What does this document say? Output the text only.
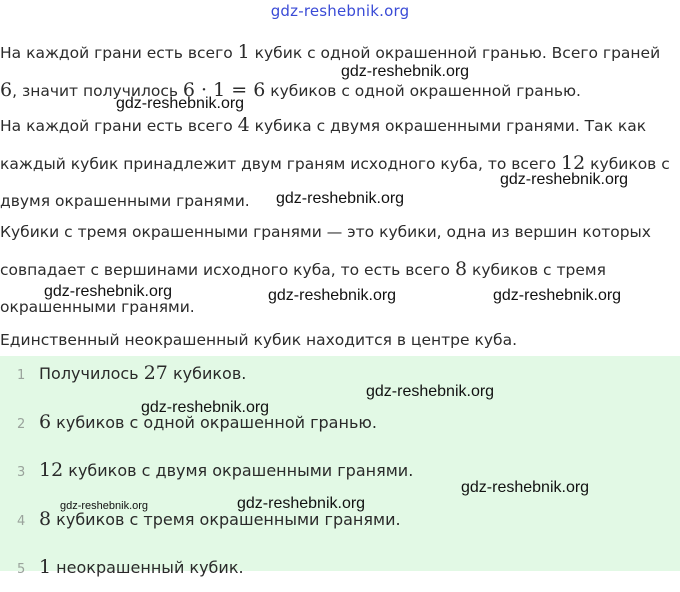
gdz-reshebnik.org
На каждой грани есть всего 1 кубик с одной окрашенной гранью. Всего граней 6, значит получилось 6 · 1 = 6 кубиков с одной окрашенной гранью.
На каждой грани есть всего 4 кубика с двумя окрашенными гранями. Так как каждый кубик принадлежит двум граням исходного куба, то всего 12 кубиков с двумя окрашенными гранями.
Кубики с тремя окрашенными гранями — это кубики, одна из вершин которых совпадает с вершинами исходного куба, то есть всего 8 кубиков с тремя окрашенными гранями.
Единственный неокрашенный кубик находится в центре куба.
1 Получилось 27 кубиков.
2 6 кубиков с одной окрашенной гранью.
3 12 кубиков с двумя окрашенными гранями.
4 8 кубиков с тремя окрашенными гранями.
5 1 неокрашенный кубик.
gdz-reshebnik.org
gdz-reshebnik.org
gdz-reshebnik.org
gdz-reshebnik.org
gdz-reshebnik.org	gdz-reshebnik.org	gdz-reshebnik.org
gdz-reshebnik.org
gdz-reshebnik.org
gdz-reshebnik.org
gdz-reshebnik.org	gdz-reshebnik.org
